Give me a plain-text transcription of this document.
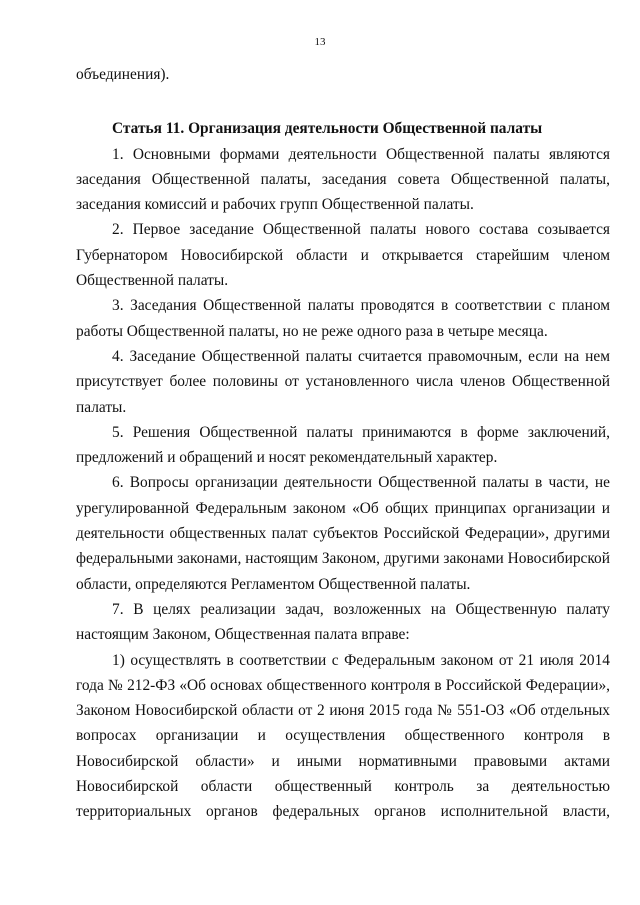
13

объединения).

Статья 11. Организация деятельности Общественной палаты

1. Основными формами деятельности Общественной палаты являются заседания Общественной палаты, заседания совета Общественной палаты, заседания комиссий и рабочих групп Общественной палаты.

2. Первое заседание Общественной палаты нового состава созывается Губернатором Новосибирской области и открывается старейшим членом Общественной палаты.

3. Заседания Общественной палаты проводятся в соответствии с планом работы Общественной палаты, но не реже одного раза в четыре месяца.

4. Заседание Общественной палаты считается правомочным, если на нем присутствует более половины от установленного числа членов Общественной палаты.

5. Решения Общественной палаты принимаются в форме заключений, предложений и обращений и носят рекомендательный характер.

6. Вопросы организации деятельности Общественной палаты в части, не урегулированной Федеральным законом «Об общих принципах организации и деятельности общественных палат субъектов Российской Федерации», другими федеральными законами, настоящим Законом, другими законами Новосибирской области, определяются Регламентом Общественной палаты.

7. В целях реализации задач, возложенных на Общественную палату настоящим Законом, Общественная палата вправе:

1) осуществлять в соответствии с Федеральным законом от 21 июля 2014 года № 212-ФЗ «Об основах общественного контроля в Российской Федерации», Законом Новосибирской области от 2 июня 2015 года № 551-ОЗ «Об отдельных вопросах организации и осуществления общественного контроля в Новосибирской области» и иными нормативными правовыми актами Новосибирской области общественный контроль за деятельностью территориальных органов федеральных органов исполнительной власти,
